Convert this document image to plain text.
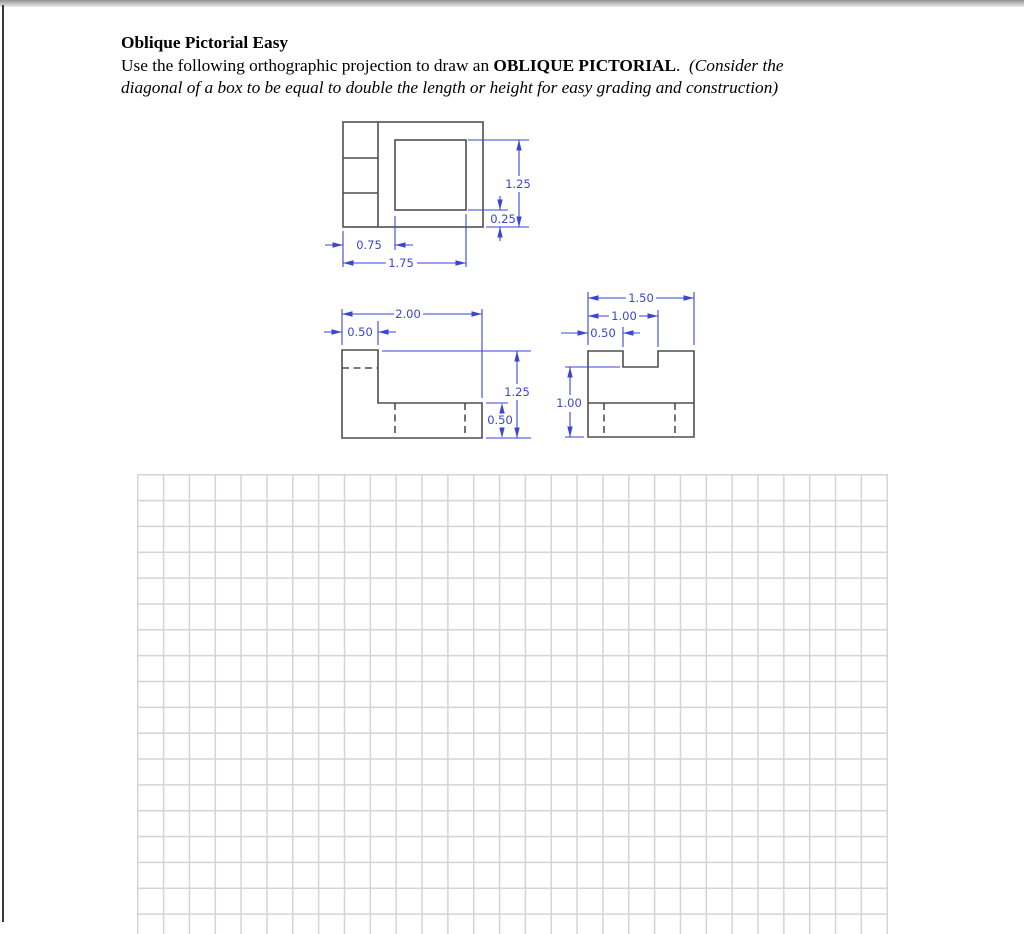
Oblique Pictorial Easy

Use the following orthographic projection to draw an OBLIQUE PICTORIAL.  (Consider the
diagonal of a box to be equal to double the length or height for easy grading and construction)

1.25
0.25
0.75
1.75
2.00
0.50
1.25
0.50
1.50
1.00
0.50
1.00
